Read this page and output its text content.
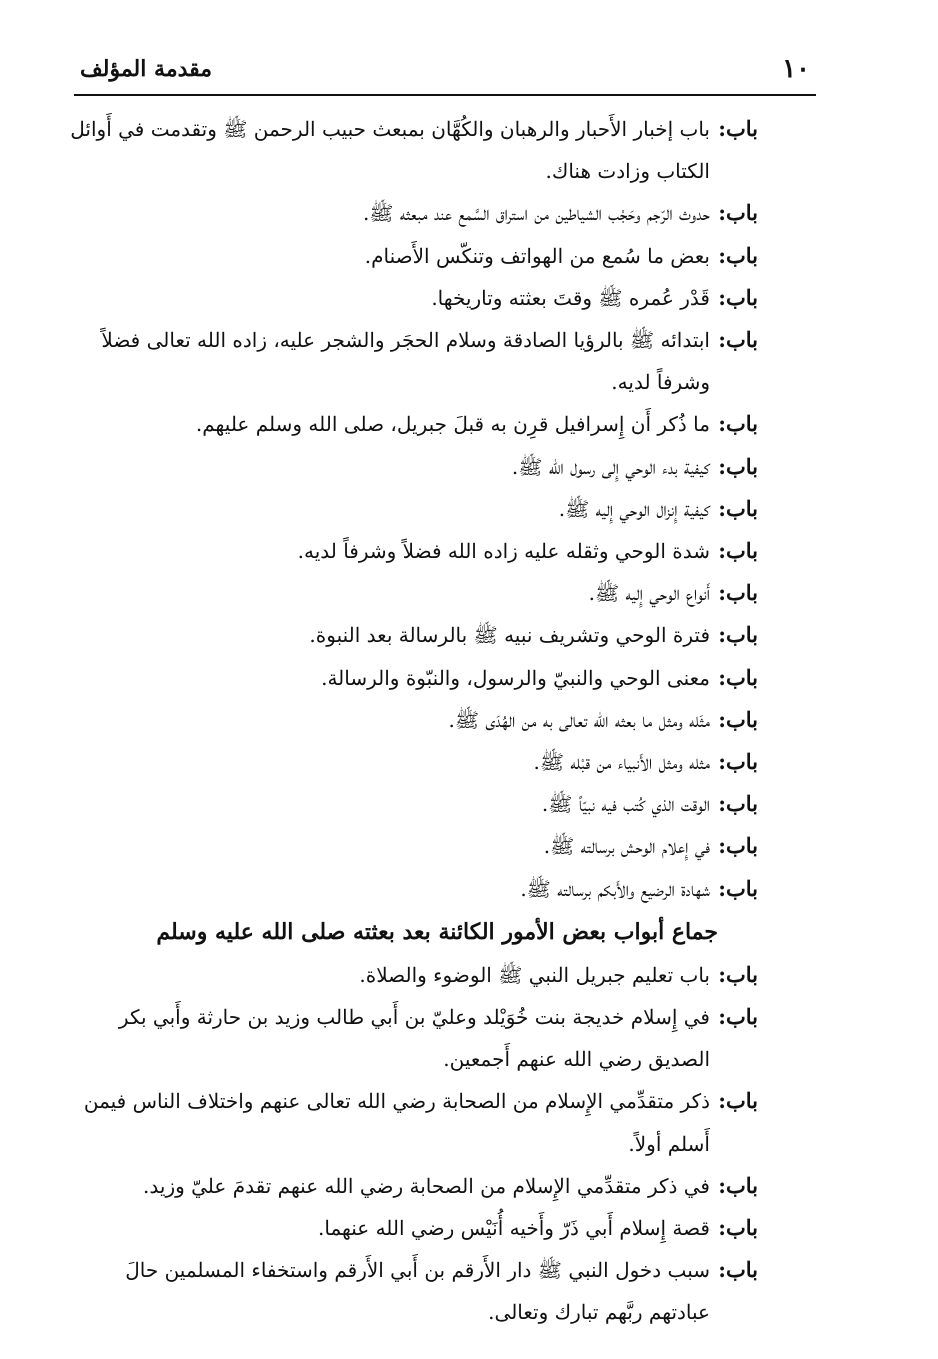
١٠
مقدمة المؤلف
باب:
باب إخبار الأَحبار والرهبان والكُهَّان بمبعث حبيب الرحمن ﷺ وتقدمت في أَوائل الكتاب وزادت هناك.
باب:
حدوث الرّجم وحَجْب الشياطين من استراق السَّمع عند مبعثه ﷺ.
باب:
بعض ما سُمع من الهواتف وتنكّس الأَصنام.
باب:
قَدْر عُمره ﷺ وقتَ بعثته وتاريخها.
باب:
ابتدائه ﷺ بالرؤيا الصادقة وسلام الحجَر والشجر عليه، زاده الله تعالى فضلاً وشرفاً لديه.
باب:
ما ذُكر أَن إِسرافيل قرِن به قبلَ جبريل، صلى الله وسلم عليهم.
باب:
كيفية بدء الوحي إِلى رسول الله ﷺ.
باب:
كيفية إِنزال الوحي إِليه ﷺ.
باب:
شدة الوحي وثقله عليه زاده الله فضلاً وشرفاً لديه.
باب:
أَنواع الوحي إِليه ﷺ.
باب:
فترة الوحي وتشريف نبيه ﷺ بالرسالة بعد النبوة.
باب:
معنى الوحي والنبيّ والرسول، والنبّوة والرسالة.
باب:
مثَله ومثل ما بعثه الله تعالى به من الهُدَى ﷺ.
باب:
مثله ومثل الأَنبياء من قبْله ﷺ.
باب:
الوقت الذي كُتب فيه نبيّاً ﷺ.
باب:
في إِعلام الوحش برسالته ﷺ.
باب:
شهادة الرضيع والأَبكم برسالته ﷺ.
جماع أبواب بعض الأمور الكائنة بعد بعثته صلى الله عليه وسلم
باب:
باب تعليم جبريل النبي ﷺ الوضوء والصلاة.
باب:
في إِسلام خديجة بنت خُوَيْلد وعليّ بن أَبي طالب وزيد بن حارثة وأَبي بكر الصديق رضي الله عنهم أَجمعين.
باب:
ذكر متقدِّمي الإِسلام من الصحابة رضي الله تعالى عنهم واختلاف الناس فيمن أَسلم أولاً.
باب:
في ذكر متقدِّمي الإِسلام من الصحابة رضي الله عنهم تقدمَ عليّ وزيد.
باب:
قصة إِسلام أَبي ذَرّ وأَخيه أُنَيْس رضي الله عنهما.
باب:
سبب دخول النبي ﷺ دار الأَرقم بن أَبي الأَرقم واستخفاء المسلمين حالَ عبادتهم ربَّهم تبارك وتعالى.
